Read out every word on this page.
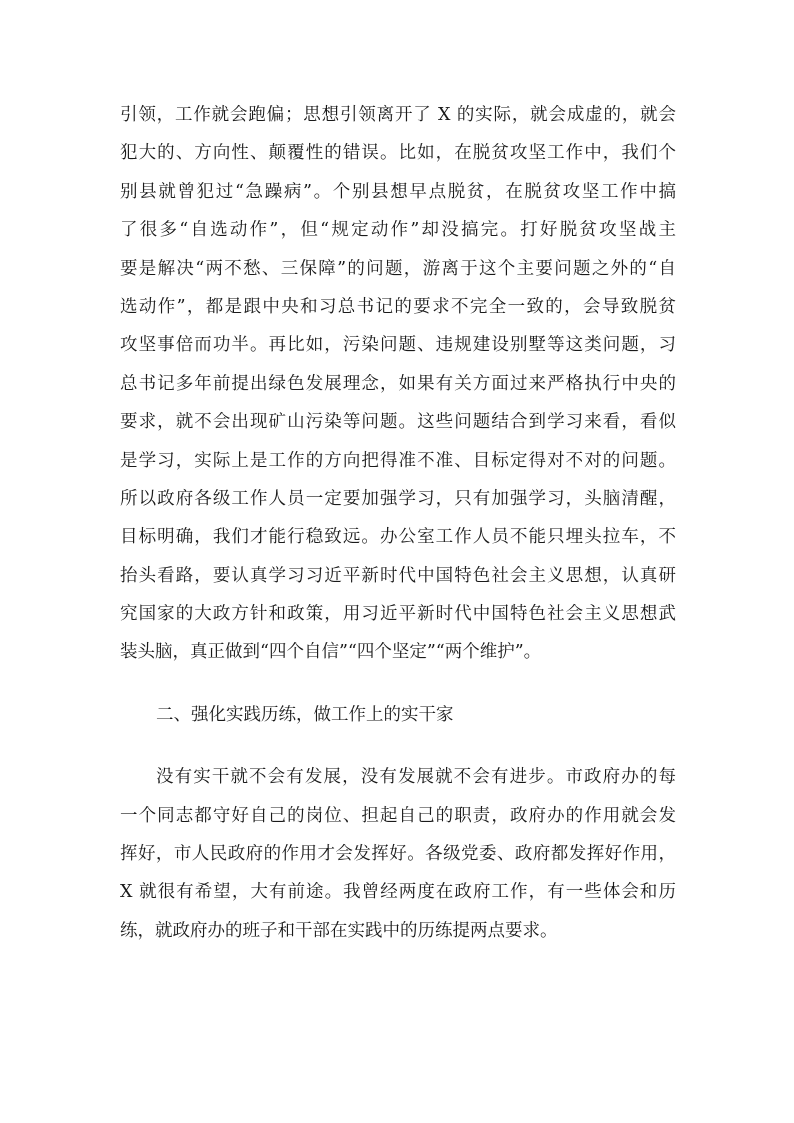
引领，工作就会跑偏；思想引领离开了 X 的实际，就会成虚的，就会
犯大的、方向性、颠覆性的错误。比如，在脱贫攻坚工作中，我们个
别县就曾犯过“急躁病”。个别县想早点脱贫，在脱贫攻坚工作中搞
了很多“自选动作”，但“规定动作”却没搞完。打好脱贫攻坚战主
要是解决“两不愁、三保障”的问题，游离于这个主要问题之外的“自
选动作”，都是跟中央和习总书记的要求不完全一致的，会导致脱贫
攻坚事倍而功半。再比如，污染问题、违规建设别墅等这类问题，习
总书记多年前提出绿色发展理念，如果有关方面过来严格执行中央的
要求，就不会出现矿山污染等问题。这些问题结合到学习来看，看似
是学习，实际上是工作的方向把得准不准、目标定得对不对的问题。
所以政府各级工作人员一定要加强学习，只有加强学习，头脑清醒，
目标明确，我们才能行稳致远。办公室工作人员不能只埋头拉车，不
抬头看路，要认真学习习近平新时代中国特色社会主义思想，认真研
究国家的大政方针和政策，用习近平新时代中国特色社会主义思想武
装头脑，真正做到“四个自信”“四个坚定”“两个维护”。
二、强化实践历练，做工作上的实干家
没有实干就不会有发展，没有发展就不会有进步。市政府办的每
一个同志都守好自己的岗位、担起自己的职责，政府办的作用就会发
挥好，市人民政府的作用才会发挥好。各级党委、政府都发挥好作用，
X 就很有希望，大有前途。我曾经两度在政府工作，有一些体会和历
练，就政府办的班子和干部在实践中的历练提两点要求。
